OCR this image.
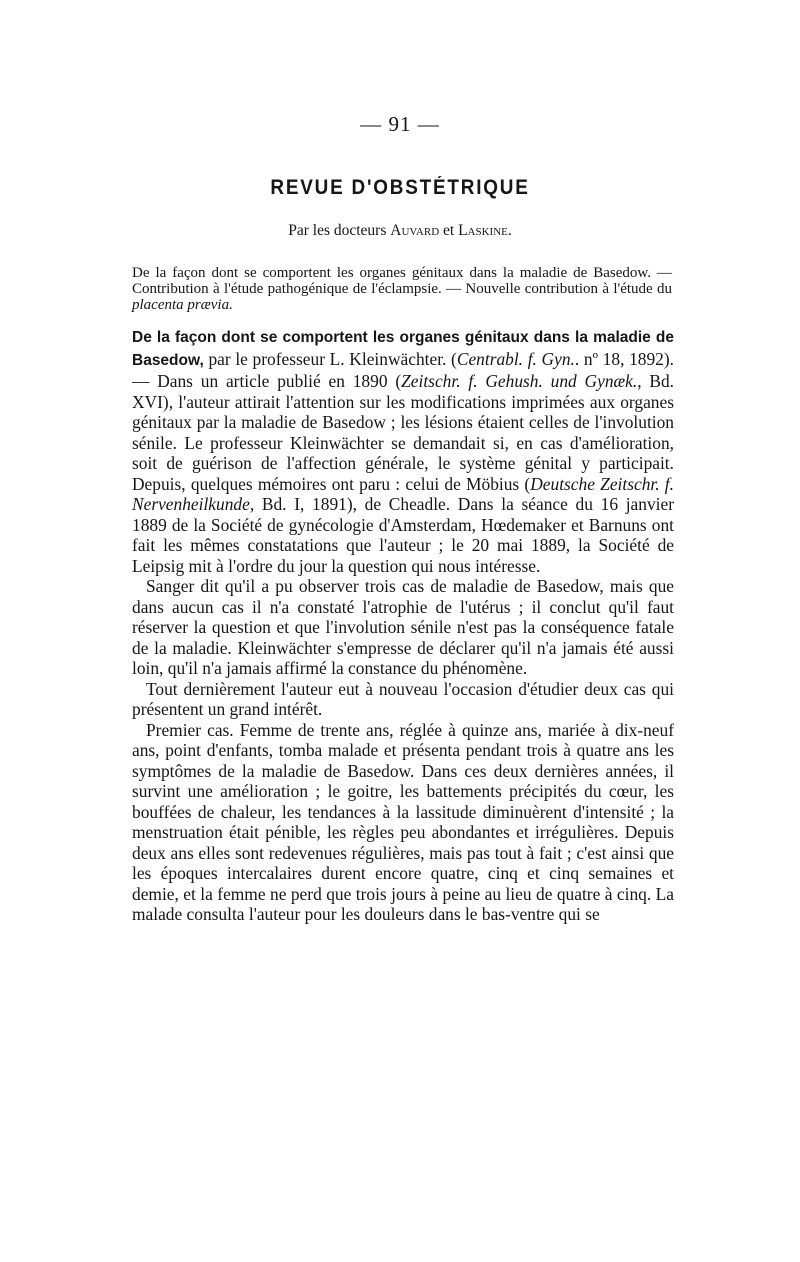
— 91 —
REVUE D'OBSTÉTRIQUE
Par les docteurs Auvard et Laskine.

De la façon dont se comportent les organes génitaux dans la maladie de Basedow. — Contribution à l'étude pathogénique de l'éclampsie. — Nouvelle contribution à l'étude du placenta prævia.

De la façon dont se comportent les organes génitaux dans la maladie de Basedow, par le professeur L. Kleinwächter. (Centrabl. f. Gyn.. nº 18, 1892). — Dans un article publié en 1890 (Zeitschr. f. Gehush. und Gynæk., Bd. XVI), l'auteur attirait l'attention sur les modifications imprimées aux organes génitaux par la maladie de Basedow ; les lésions étaient celles de l'involution sénile. Le professeur Kleinwächter se demandait si, en cas d'amélioration, soit de guérison de l'affection générale, le système génital y participait. Depuis, quelques mémoires ont paru : celui de Möbius (Deutsche Zeitschr. f. Nervenheilkunde, Bd. I, 1891), de Cheadle. Dans la séance du 16 janvier 1889 de la Société de gynécologie d'Amsterdam, Hœdemaker et Barnuns ont fait les mêmes constatations que l'auteur ; le 20 mai 1889, la Société de Leipsig mit à l'ordre du jour la question qui nous intéresse.

Sanger dit qu'il a pu observer trois cas de maladie de Basedow, mais que dans aucun cas il n'a constaté l'atrophie de l'utérus ; il conclut qu'il faut réserver la question et que l'involution sénile n'est pas la conséquence fatale de la maladie. Kleinwächter s'empresse de déclarer qu'il n'a jamais été aussi loin, qu'il n'a jamais affirmé la constance du phénomène.

Tout dernièrement l'auteur eut à nouveau l'occasion d'étudier deux cas qui présentent un grand intérêt.

Premier cas. Femme de trente ans, réglée à quinze ans, mariée à dix-neuf ans, point d'enfants, tomba malade et présenta pendant trois à quatre ans les symptômes de la maladie de Basedow. Dans ces deux dernières années, il survint une amélioration ; le goitre, les battements précipités du cœur, les bouffées de chaleur, les tendances à la lassitude diminuèrent d'intensité ; la menstruation était pénible, les règles peu abondantes et irrégulières. Depuis deux ans elles sont redevenues régulières, mais pas tout à fait ; c'est ainsi que les époques intercalaires durent encore quatre, cinq et cinq semaines et demie, et la femme ne perd que trois jours à peine au lieu de quatre à cinq. La malade consulta l'auteur pour les douleurs dans le bas-ventre qui se
